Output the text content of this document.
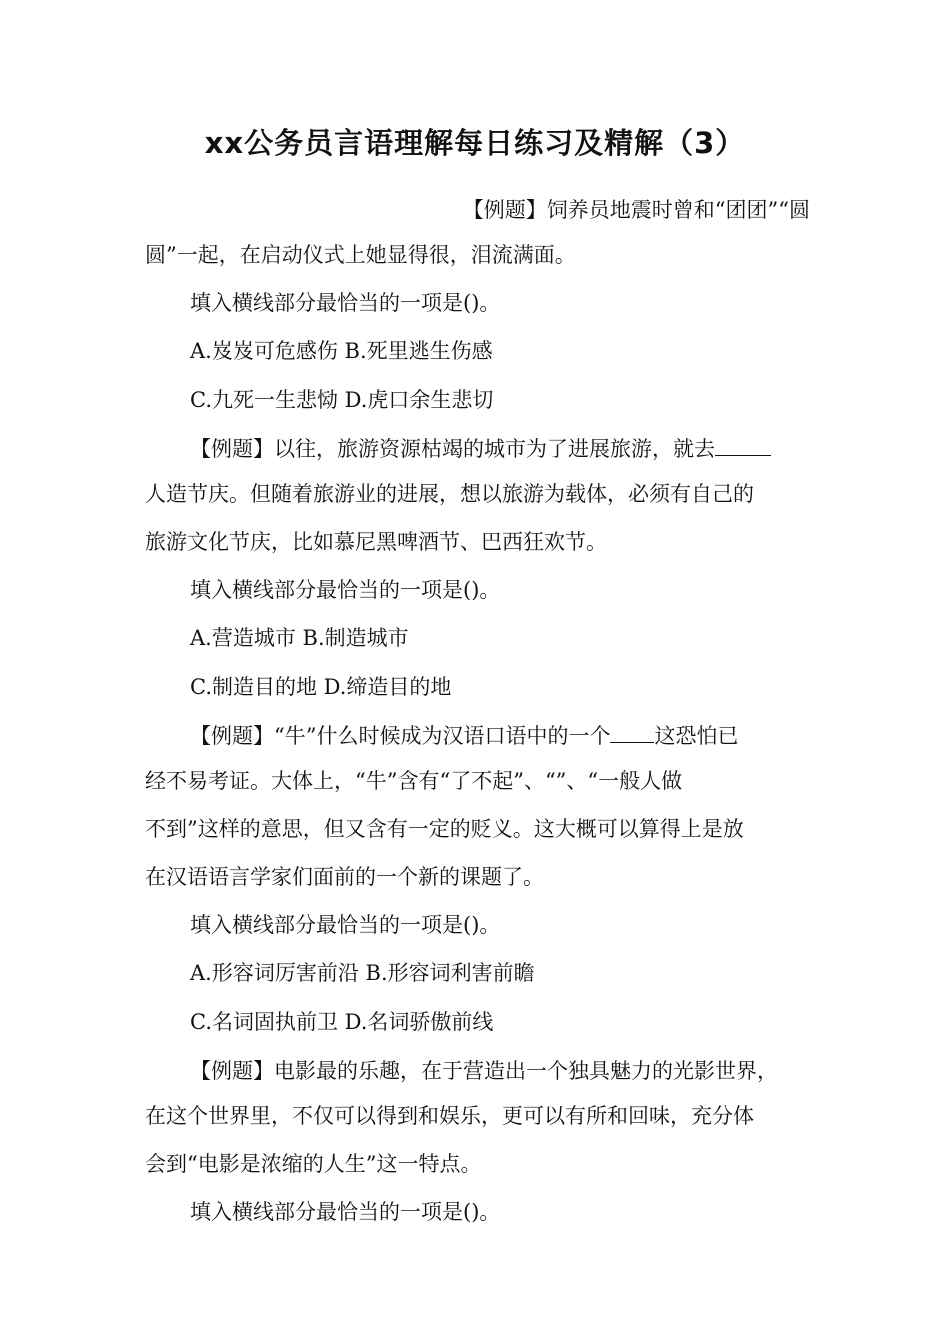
xx公务员言语理解每日练习及精解（3）
【例题】饲养员地震时曾和“团团”“圆
圆”一起，在启动仪式上她显得很，泪流满面。
填入横线部分最恰当的一项是()。
A.岌岌可危感伤 B.死里逃生伤感
C.九死一生悲恸 D.虎口余生悲切
【例题】以往，旅游资源枯竭的城市为了进展旅游，就去
人造节庆。但随着旅游业的进展，想以旅游为载体，必须有自己的
旅游文化节庆，比如慕尼黑啤酒节、巴西狂欢节。
填入横线部分最恰当的一项是()。
A.营造城市 B.制造城市
C.制造目的地 D.缔造目的地
【例题】“牛”什么时候成为汉语口语中的一个 这恐怕已
经不易考证。大体上，“牛”含有“了不起”、“”、“一般人做
不到”这样的意思，但又含有一定的贬义。这大概可以算得上是放
在汉语语言学家们面前的一个新的课题了。
填入横线部分最恰当的一项是()。
A.形容词厉害前沿 B.形容词利害前瞻
C.名词固执前卫 D.名词骄傲前线
【例题】电影最的乐趣，在于营造出一个独具魅力的光影世界，
在这个世界里，不仅可以得到和娱乐，更可以有所和回味，充分体
会到“电影是浓缩的人生”这一特点。
填入横线部分最恰当的一项是()。
